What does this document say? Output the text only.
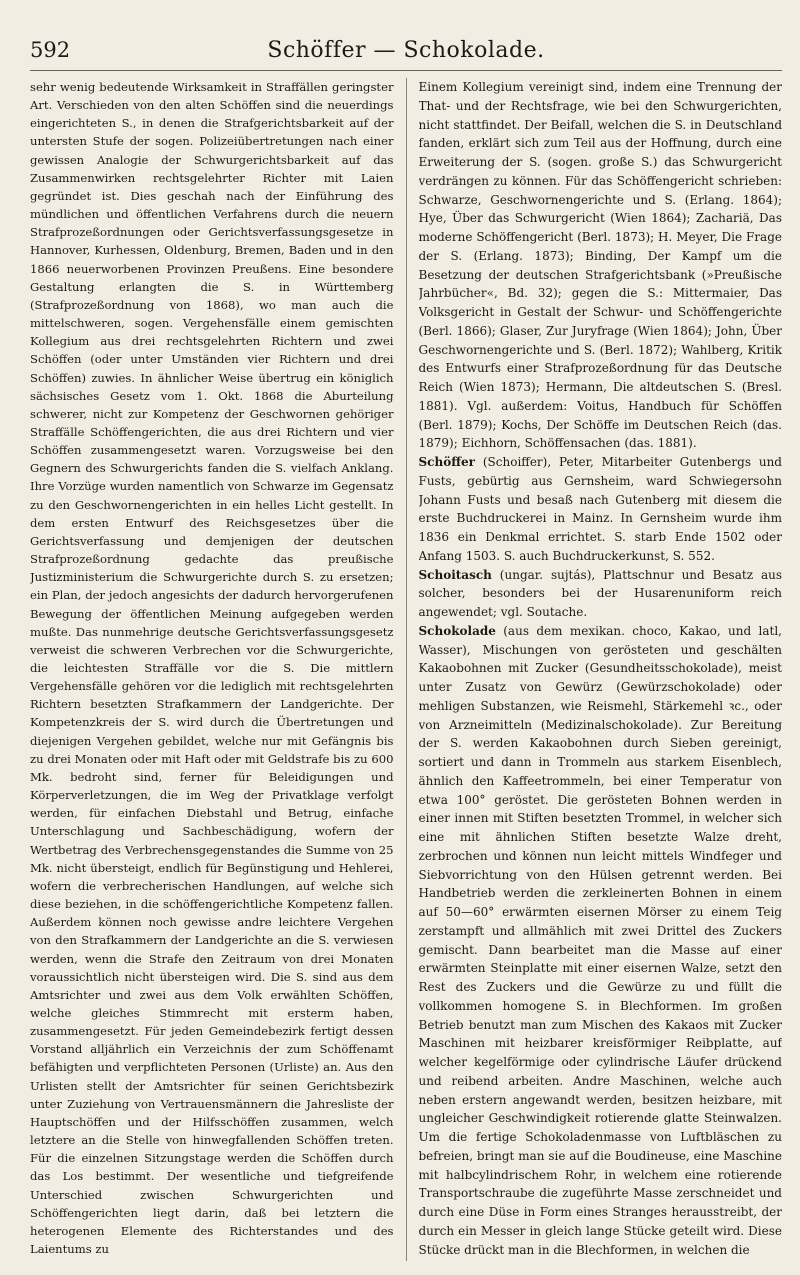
592	Schöffer — Schokolade.

sehr wenig bedeutende Wirksamkeit in Straffällen geringster Art. Verschieden von den alten Schöffen sind die neuerdings eingerichteten S., in denen die Strafgerichtsbarkeit auf der untersten Stufe der sogen. Polizeiübertretungen nach einer gewissen Analogie der Schwurgerichtsbarkeit auf das Zusammenwirken rechtsgelehrter Richter mit Laien gegründet ist. Dies geschah nach der Einführung des mündlichen und öffentlichen Verfahrens durch die neuern Strafprozeßordnungen oder Gerichtsverfassungsgesetze in Hannover, Kurhessen, Oldenburg, Bremen, Baden und in den 1866 neuerworbenen Provinzen Preußens. Eine besondere Gestaltung erlangten die S. in Württemberg (Strafprozeßordnung von 1868), wo man auch die mittelschweren, sogen. Vergehensfälle einem gemischten Kollegium aus drei rechtsgelehrten Richtern und zwei Schöffen (oder unter Umständen vier Richtern und drei Schöffen) zuwies. In ähnlicher Weise übertrug ein königlich sächsisches Gesetz vom 1. Okt. 1868 die Aburteilung schwerer, nicht zur Kompetenz der Geschwornen gehöriger Straffälle Schöffengerichten, die aus drei Richtern und vier Schöffen zusammengesetzt waren. Vorzugsweise bei den Gegnern des Schwurgerichts fanden die S. vielfach Anklang. Ihre Vorzüge wurden namentlich von Schwarze im Gegensatz zu den Geschwornengerichten in ein helles Licht gestellt. In dem ersten Entwurf des Reichsgesetzes über die Gerichtsverfassung und demjenigen der deutschen Strafprozeßordnung gedachte das preußische Justizministerium die Schwurgerichte durch S. zu ersetzen; ein Plan, der jedoch angesichts der dadurch hervorgerufenen Bewegung der öffentlichen Meinung aufgegeben werden mußte. Das nunmehrige deutsche Gerichtsverfassungsgesetz verweist die schweren Verbrechen vor die Schwurgerichte, die leichtesten Straffälle vor die S. Die mittlern Vergehensfälle gehören vor die lediglich mit rechtsgelehrten Richtern besetzten Strafkammern der Landgerichte. Der Kompetenzkreis der S. wird durch die Übertretungen und diejenigen Vergehen gebildet, welche nur mit Gefängnis bis zu drei Monaten oder mit Haft oder mit Geldstrafe bis zu 600 Mk. bedroht sind, ferner für Beleidigungen und Körperverletzungen, die im Weg der Privatklage verfolgt werden, für einfachen Diebstahl und Betrug, einfache Unterschlagung und Sachbeschädigung, wofern der Wertbetrag des Verbrechensgegenstandes die Summe von 25 Mk. nicht übersteigt, endlich für Begünstigung und Hehlerei, wofern die verbrecherischen Handlungen, auf welche sich diese beziehen, in die schöffengerichtliche Kompetenz fallen. Außerdem können noch gewisse andre leichtere Vergehen von den Strafkammern der Landgerichte an die S. verwiesen werden, wenn die Strafe den Zeitraum von drei Monaten voraussichtlich nicht übersteigen wird. Die S. sind aus dem Amtsrichter und zwei aus dem Volk erwählten Schöffen, welche gleiches Stimmrecht mit ersterm haben, zusammengesetzt. Für jeden Gemeindebezirk fertigt dessen Vorstand alljährlich ein Verzeichnis der zum Schöffenamt befähigten und verpflichteten Personen (Urliste) an. Aus den Urlisten stellt der Amtsrichter für seinen Gerichtsbezirk unter Zuziehung von Vertrauensmännern die Jahresliste der Hauptschöffen und der Hilfsschöffen zusammen, welch letztere an die Stelle von hinwegfallenden Schöffen treten. Für die einzelnen Sitzungstage werden die Schöffen durch das Los bestimmt. Der wesentliche und tiefgreifende Unterschied zwischen Schwurgerichten und Schöffengerichten liegt darin, daß bei letztern die heterogenen Elemente des Richterstandes und des Laientums zu

Einem Kollegium vereinigt sind, indem eine Trennung der That- und der Rechtsfrage, wie bei den Schwurgerichten, nicht stattfindet. Der Beifall, welchen die S. in Deutschland fanden, erklärt sich zum Teil aus der Hoffnung, durch eine Erweiterung der S. (sogen. große S.) das Schwurgericht verdrängen zu können. Für das Schöffengericht schrieben: Schwarze, Geschwornengerichte und S. (Erlang. 1864); Hye, Über das Schwurgericht (Wien 1864); Zachariä, Das moderne Schöffengericht (Berl. 1873); H. Meyer, Die Frage der S. (Erlang. 1873); Binding, Der Kampf um die Besetzung der deutschen Strafgerichtsbank (»Preußische Jahrbücher«, Bd. 32); gegen die S.: Mittermaier, Das Volksgericht in Gestalt der Schwur- und Schöffengerichte (Berl. 1866); Glaser, Zur Juryfrage (Wien 1864); John, Über Geschwornengerichte und S. (Berl. 1872); Wahlberg, Kritik des Entwurfs einer Strafprozeßordnung für das Deutsche Reich (Wien 1873); Hermann, Die altdeutschen S. (Bresl. 1881). Vgl. außerdem: Voitus, Handbuch für Schöffen (Berl. 1879); Kochs, Der Schöffe im Deutschen Reich (das. 1879); Eichhorn, Schöffensachen (das. 1881).

Schöffer (Schoiffer), Peter, Mitarbeiter Gutenbergs und Fusts, gebürtig aus Gernsheim, ward Schwiegersohn Johann Fusts und besaß nach Gutenberg mit diesem die erste Buchdruckerei in Mainz. In Gernsheim wurde ihm 1836 ein Denkmal errichtet. S. starb Ende 1502 oder Anfang 1503. S. auch Buchdruckerkunst, S. 552.

Schoitasch (ungar. sujtás), Plattschnur und Besatz aus solcher, besonders bei der Husarenuniform reich angewendet; vgl. Soutache.

Schokolade (aus dem mexikan. choco, Kakao, und latl, Wasser), Mischungen von gerösteten und geschälten Kakaobohnen mit Zucker (Gesundheitsschokolade), meist unter Zusatz von Gewürz (Gewürzschokolade) oder mehligen Substanzen, wie Reismehl, Stärkemehl ꝛc., oder von Arzneimitteln (Medizinalschokolade). Zur Bereitung der S. werden Kakaobohnen durch Sieben gereinigt, sortiert und dann in Trommeln aus starkem Eisenblech, ähnlich den Kaffeetrommeln, bei einer Temperatur von etwa 100° geröstet. Die gerösteten Bohnen werden in einer innen mit Stiften besetzten Trommel, in welcher sich eine mit ähnlichen Stiften besetzte Walze dreht, zerbrochen und können nun leicht mittels Windfeger und Siebvorrichtung von den Hülsen getrennt werden. Bei Handbetrieb werden die zerkleinerten Bohnen in einem auf 50—60° erwärmten eisernen Mörser zu einem Teig zerstampft und allmählich mit zwei Drittel des Zuckers gemischt. Dann bearbeitet man die Masse auf einer erwärmten Steinplatte mit einer eisernen Walze, setzt den Rest des Zuckers und die Gewürze zu und füllt die vollkommen homogene S. in Blechformen. Im großen Betrieb benutzt man zum Mischen des Kakaos mit Zucker Maschinen mit heizbarer kreisförmiger Reibplatte, auf welcher kegelförmige oder cylindrische Läufer drückend und reibend arbeiten. Andre Maschinen, welche auch neben erstern angewandt werden, besitzen heizbare, mit ungleicher Geschwindigkeit rotierende glatte Steinwalzen. Um die fertige Schokoladenmasse von Luftbläschen zu befreien, bringt man sie auf die Boudineuse, eine Maschine mit halbcylindrischem Rohr, in welchem eine rotierende Transportschraube die zugeführte Masse zerschneidet und durch eine Düse in Form eines Stranges herausstreibt, der durch ein Messer in gleich lange Stücke geteilt wird. Diese Stücke drückt man in die Blechformen, in welchen die
